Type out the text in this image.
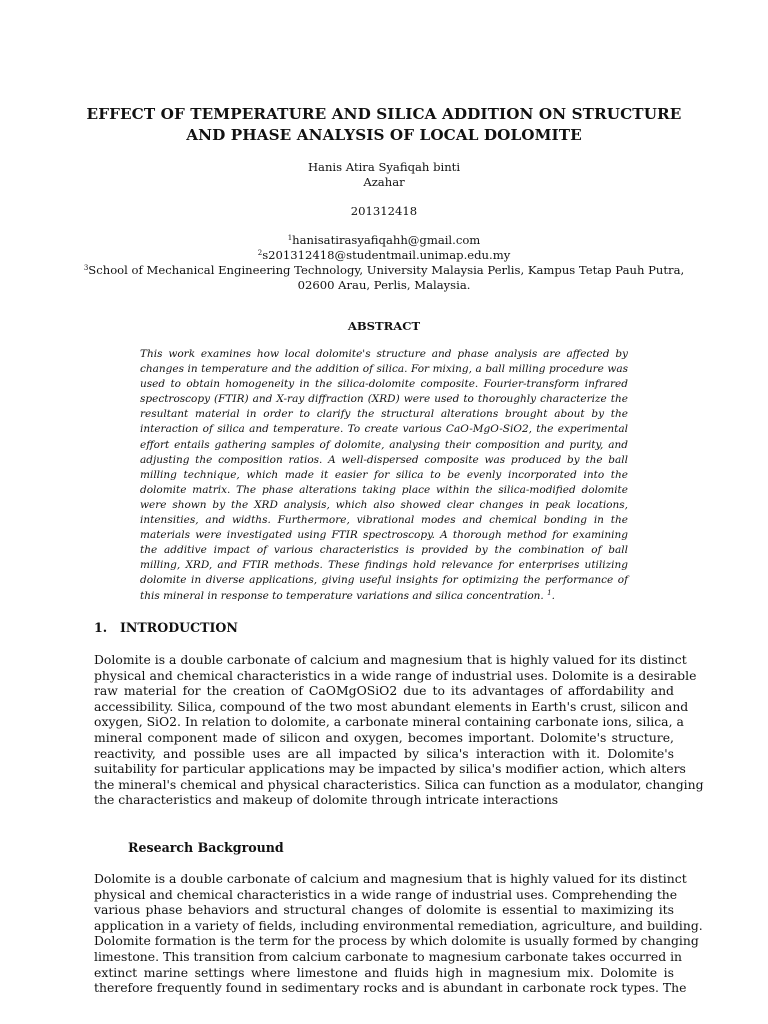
EFFECT OF TEMPERATURE AND SILICA ADDITION ON STRUCTURE
AND PHASE ANALYSIS OF LOCAL DOLOMITE
Hanis Atira Syafiqah binti
Azahar
201312418
$^1$hanisatirasyafiqahh@gmail.com
$^2$s201312418@studentmail.unimap.edu.my
$^3$School of Mechanical Engineering Technology, University Malaysia Perlis, Kampus Tetap Pauh Putra,
02600 Arau, Perlis, Malaysia.
ABSTRACT
This work examines how local dolomite's structure and phase analysis are affected by
changes in temperature and the addition of silica. For mixing, a ball milling procedure was
used to obtain homogeneity in the silica-dolomite composite. Fourier-transform infrared
spectroscopy (FTIR) and X-ray diffraction (XRD) were used to thoroughly characterize the
resultant material in order to clarify the structural alterations brought about by the
interaction of silica and temperature. To create various CaO-MgO-SiO2, the experimental
effort entails gathering samples of dolomite, analysing their composition and purity, and
adjusting the composition ratios. A well-dispersed composite was produced by the ball
milling technique, which made it easier for silica to be evenly incorporated into the
dolomite matrix. The phase alterations taking place within the silica-modified dolomite
were shown by the XRD analysis, which also showed clear changes in peak locations,
intensities, and widths. Furthermore, vibrational modes and chemical bonding in the
materials were investigated using FTIR spectroscopy. A thorough method for examining
the additive impact of various characteristics is provided by the combination of ball
milling, XRD, and FTIR methods. These findings hold relevance for enterprises utilizing
dolomite in diverse applications, giving useful insights for optimizing the performance of
this mineral in response to temperature variations and silica concentration. $^1$.
1. INTRODUCTION
Dolomite is a double carbonate of calcium and magnesium that is highly valued for its distinct
physical and chemical characteristics in a wide range of industrial uses. Dolomite is a desirable
raw material for the creation of CaOMgOSiO2 due to its advantages of affordability and
accessibility. Silica, compound of the two most abundant elements in Earth's crust, silicon and
oxygen, SiO2. In relation to dolomite, a carbonate mineral containing carbonate ions, silica, a
mineral component made of silicon and oxygen, becomes important. Dolomite's structure,
reactivity, and possible uses are all impacted by silica's interaction with it. Dolomite's
suitability for particular applications may be impacted by silica's modifier action, which alters
the mineral's chemical and physical characteristics. Silica can function as a modulator, changing
the characteristics and makeup of dolomite through intricate interactions
Research Background
Dolomite is a double carbonate of calcium and magnesium that is highly valued for its distinct
physical and chemical characteristics in a wide range of industrial uses. Comprehending the
various phase behaviors and structural changes of dolomite is essential to maximizing its
application in a variety of fields, including environmental remediation, agriculture, and building.
Dolomite formation is the term for the process by which dolomite is usually formed by changing
limestone. This transition from calcium carbonate to magnesium carbonate takes occurred in
extinct marine settings where limestone and fluids high in magnesium mix. Dolomite is
therefore frequently found in sedimentary rocks and is abundant in carbonate rock types. The
